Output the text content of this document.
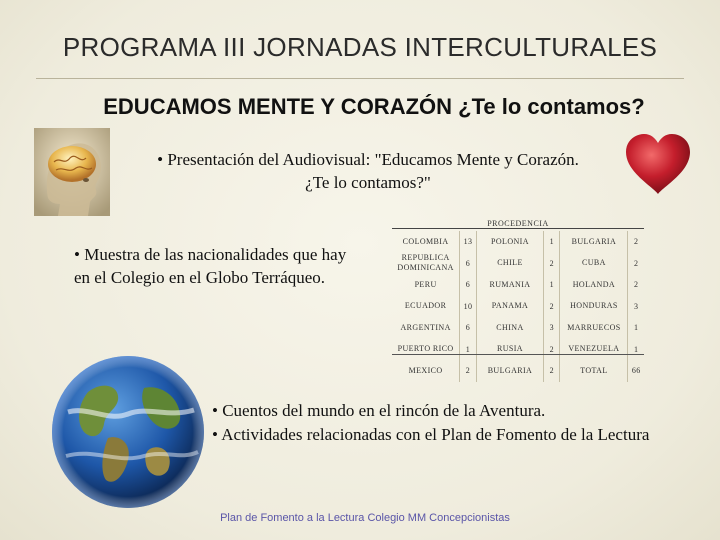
PROGRAMA III JORNADAS INTERCULTURALES
EDUCAMOS MENTE Y CORAZÓN ¿Te lo contamos?
• Presentación del Audiovisual: "Educamos Mente y Corazón.
¿Te lo contamos?"
• Muestra de las nacionalidades que hay en el Colegio en el Globo Terráqueo.
PROCEDENCIA
COLOMBIA	13	POLONIA	1	BULGARIA	2
REPUBLICA DOMINICANA	6	CHILE	2	CUBA	2
PERU	6	RUMANIA	1	HOLANDA	2
ECUADOR	10	PANAMA	2	HONDURAS	3
ARGENTINA	6	CHINA	3	MARRUECOS	1
PUERTO RICO	1	RUSIA	2	VENEZUELA	1
MEXICO	2	BULGARIA	2	TOTAL	66
• Cuentos del mundo en el rincón de la Aventura.
• Actividades relacionadas con el Plan de Fomento de la Lectura
Plan de Fomento a la Lectura Colegio MM Concepcionistas
